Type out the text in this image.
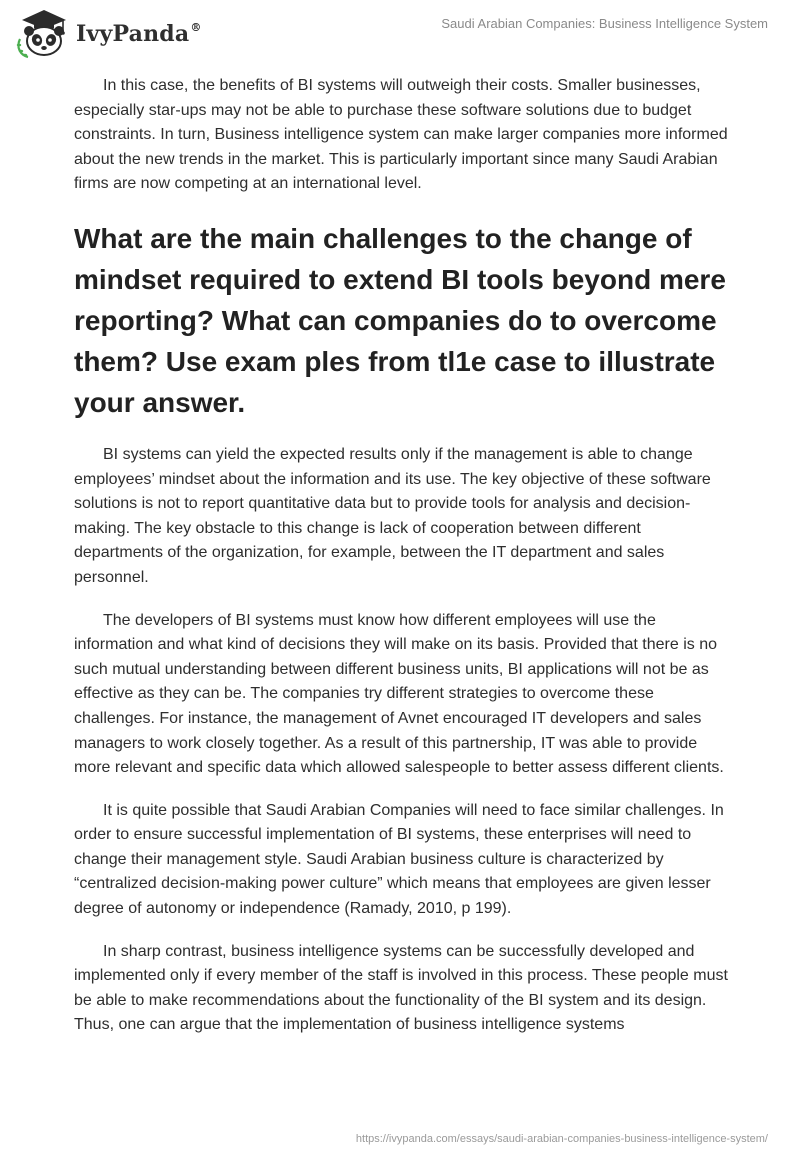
IvyPanda®	Saudi Arabian Companies: Business Intelligence System

In this case, the benefits of BI systems will outweigh their costs. Smaller businesses, especially star-ups may not be able to purchase these software solutions due to budget constraints. In turn, Business intelligence system can make larger companies more informed about the new trends in the market. This is particularly important since many Saudi Arabian firms are now competing at an international level.

What are the main challenges to the change of mindset required to extend BI tools beyond mere reporting? What can companies do to overcome them? Use exam ples from tl1e case to illustrate your answer.

BI systems can yield the expected results only if the management is able to change employees’ mindset about the information and its use. The key objective of these software solutions is not to report quantitative data but to provide tools for analysis and decision-making. The key obstacle to this change is lack of cooperation between different departments of the organization, for example, between the IT department and sales personnel.

The developers of BI systems must know how different employees will use the information and what kind of decisions they will make on its basis. Provided that there is no such mutual understanding between different business units, BI applications will not be as effective as they can be. The companies try different strategies to overcome these challenges. For instance, the management of Avnet encouraged IT developers and sales managers to work closely together. As a result of this partnership, IT was able to provide more relevant and specific data which allowed salespeople to better assess different clients.

It is quite possible that Saudi Arabian Companies will need to face similar challenges. In order to ensure successful implementation of BI systems, these enterprises will need to change their management style. Saudi Arabian business culture is characterized by “centralized decision-making power culture” which means that employees are given lesser degree of autonomy or independence (Ramady, 2010, p 199).

In sharp contrast, business intelligence systems can be successfully developed and implemented only if every member of the staff is involved in this process. These people must be able to make recommendations about the functionality of the BI system and its design. Thus, one can argue that the implementation of business intelligence systems

https://ivypanda.com/essays/saudi-arabian-companies-business-intelligence-system/
